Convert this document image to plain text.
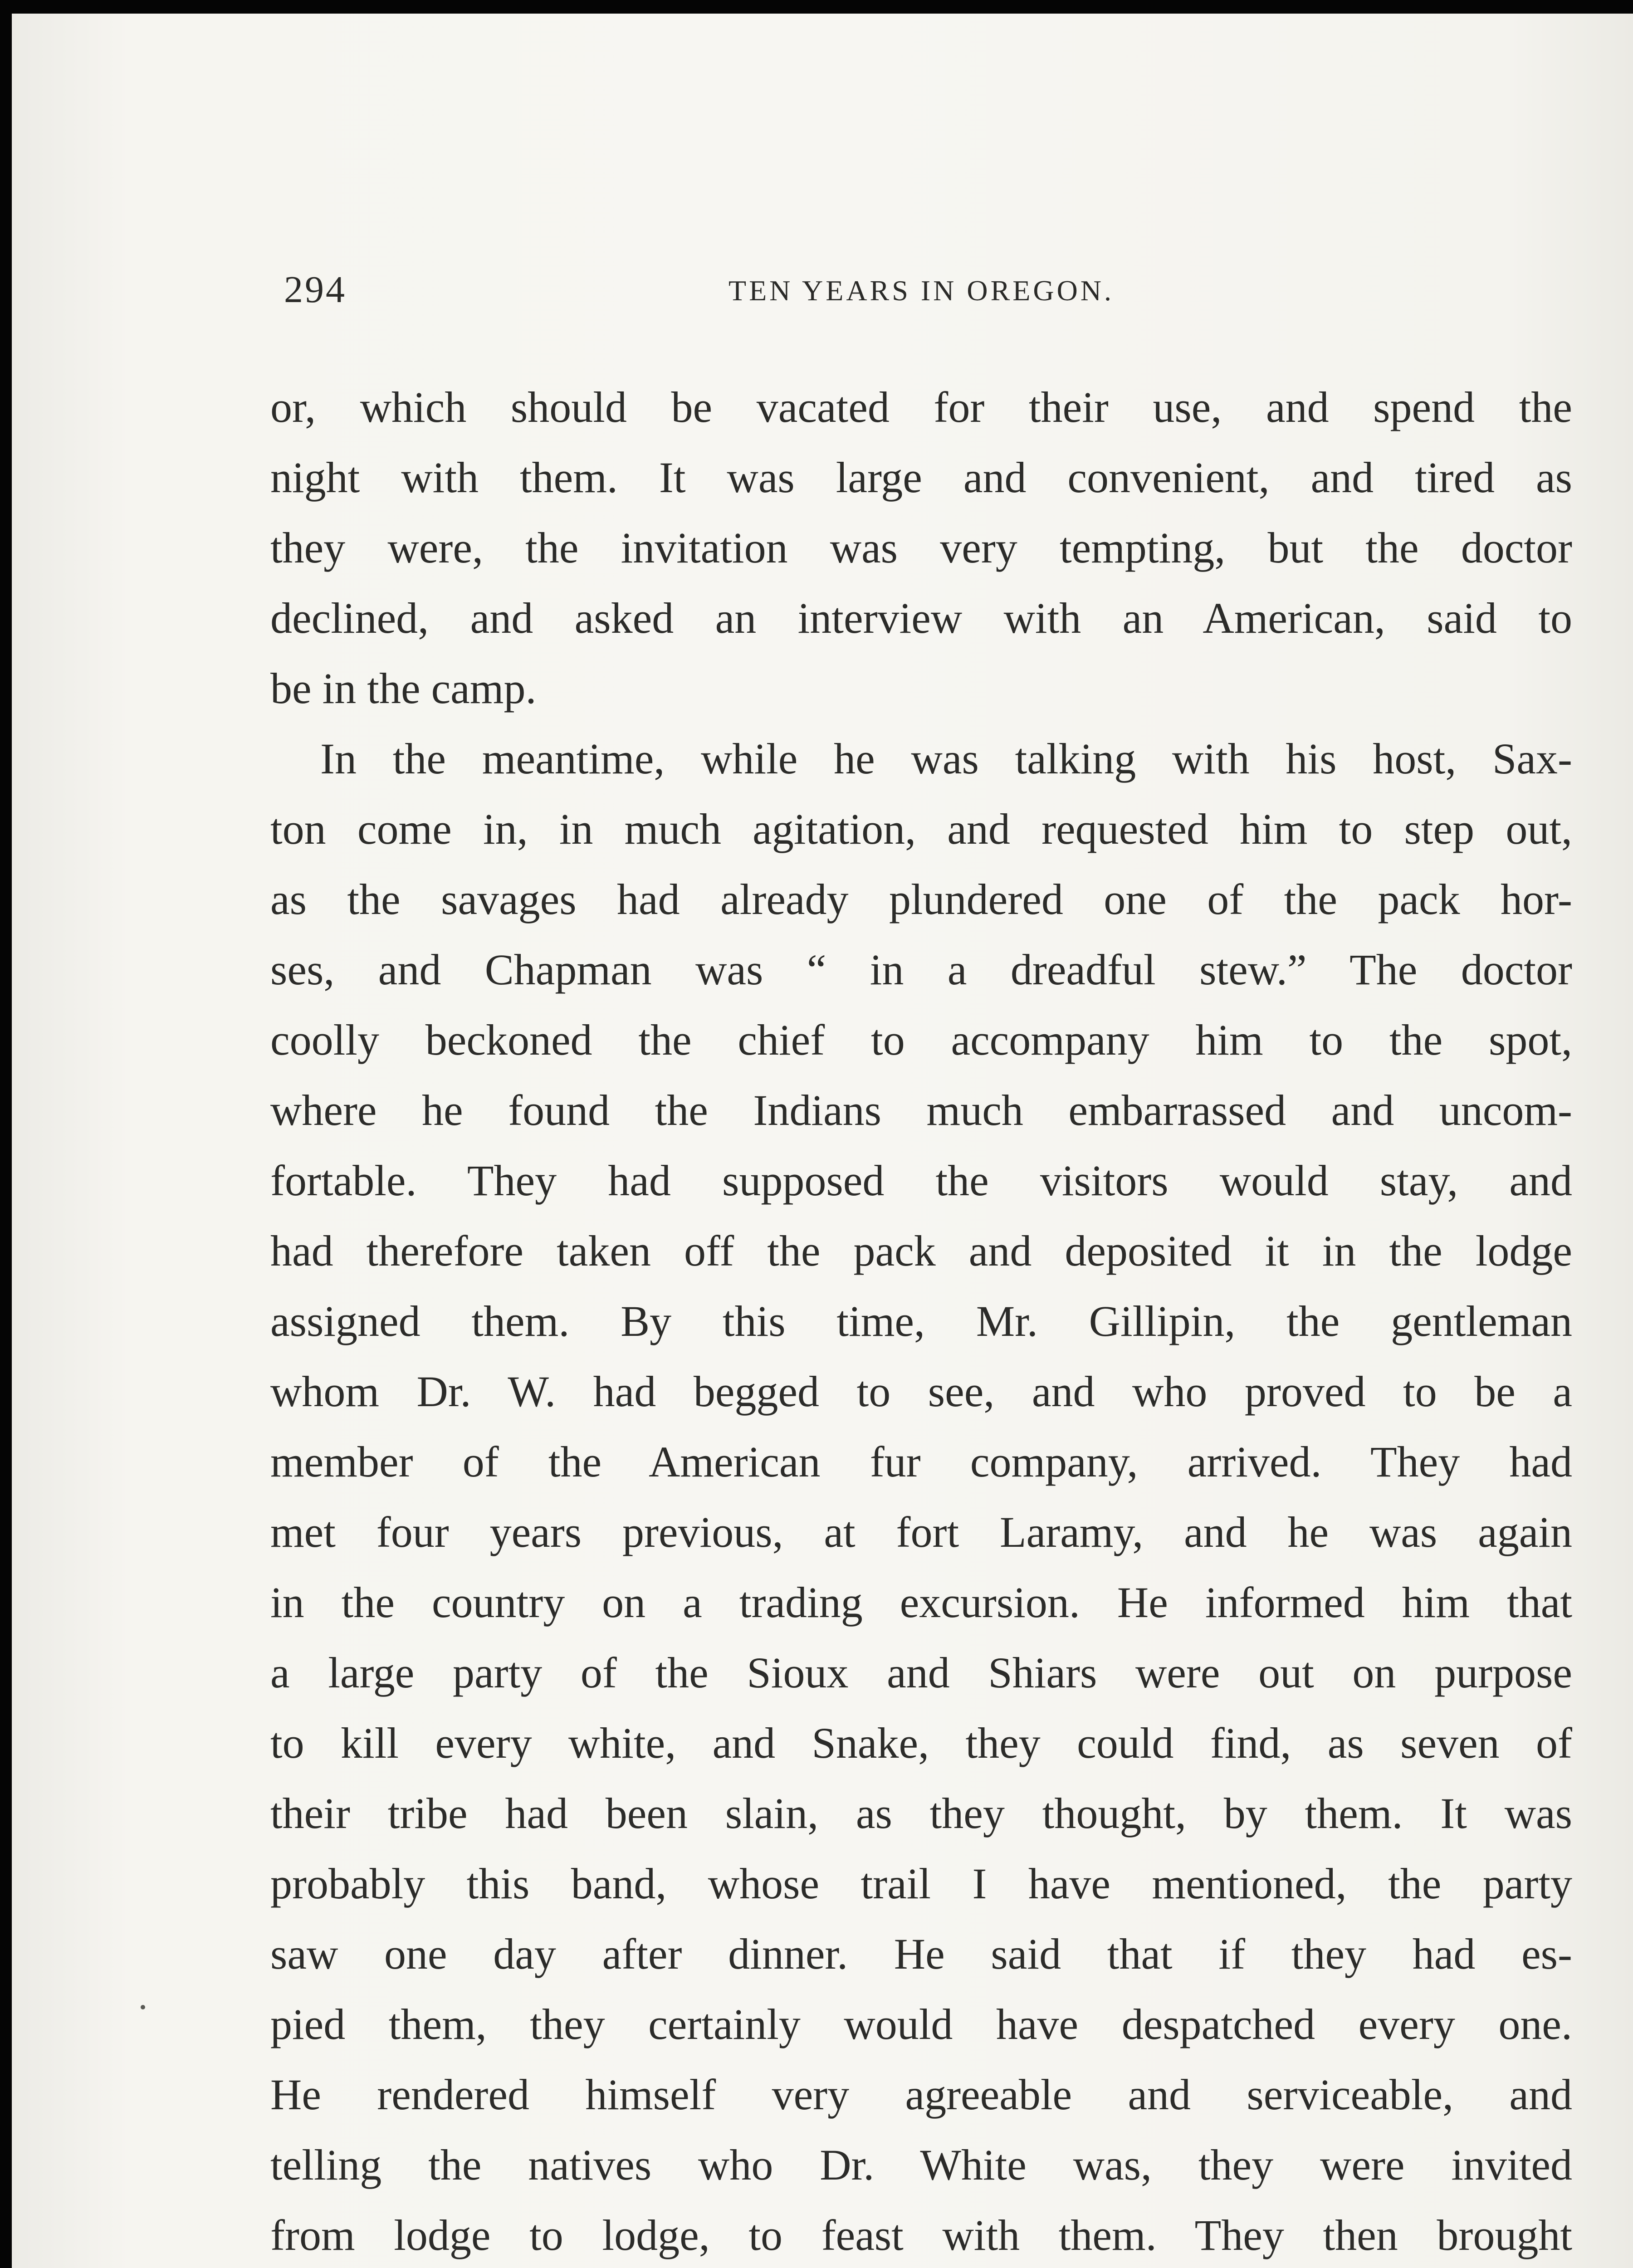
294	TEN YEARS IN OREGON.
or, which should be vacated for their use, and spend the
night with them. It was large and convenient, and tired as
they were, the invitation was very tempting, but the doctor
declined, and asked an interview with an American, said to
be in the camp.
In the meantime, while he was talking with his host, Sax-
ton come in, in much agitation, and requested him to step out,
as the savages had already plundered one of the pack hor-
ses, and Chapman was “ in a dreadful stew.” The doctor
coolly beckoned the chief to accompany him to the spot,
where he found the Indians much embarrassed and uncom-
fortable. They had supposed the visitors would stay, and
had therefore taken off the pack and deposited it in the lodge
assigned them. By this time, Mr. Gillipin, the gentleman
whom Dr. W. had begged to see, and who proved to be a
member of the American fur company, arrived. They had
met four years previous, at fort Laramy, and he was again
in the country on a trading excursion. He informed him that
a large party of the Sioux and Shiars were out on purpose
to kill every white, and Snake, they could find, as seven of
their tribe had been slain, as they thought, by them. It was
probably this band, whose trail I have mentioned, the party
saw one day after dinner. He said that if they had es-
pied them, they certainly would have despatched every one.
He rendered himself very agreeable and serviceable, and
telling the natives who Dr. White was, they were invited
from lodge to lodge, to feast with them. They then brought
